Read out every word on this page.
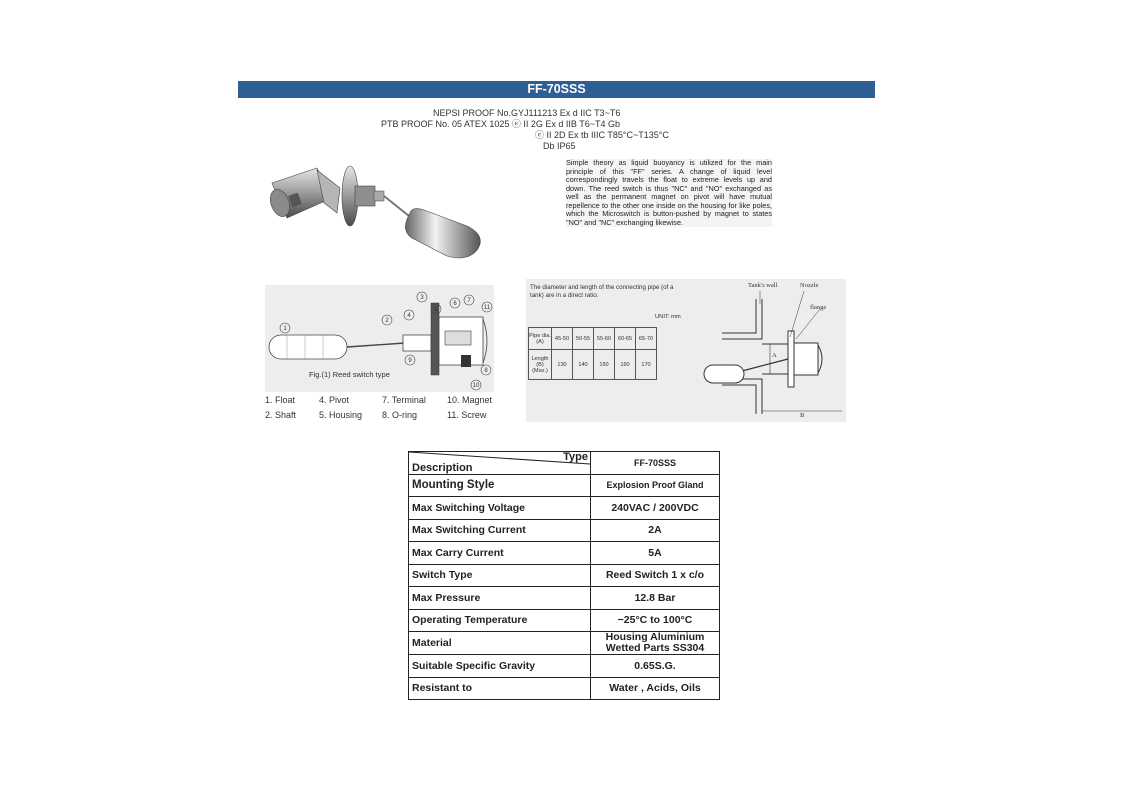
FF-70SSS
NEPSI PROOF No.GYJ111213 Ex d IIC T3~T6
PTB PROOF No. 05 ATEX 1025 ⓔ II 2G Ex d IIB T6~T4 Gb
ⓔ II 2D Ex tb IIIC T85°C~T135°C
Db IP65
Simple theory as liquid buoyancy is utilized for the main principle of this "FF" series. A change of liquid level correspondingly travels the float to extreme levels up and down. The reed switch is thus "NC" and "NO" exchanged as well as the permanent magnet on pivot will have mutual repellence to the other one inside on the housing for like poles, which the Microswitch is button-pushed by magnet to states "NO" and "NC" exchanging likewise.
1
2
3
4
5
6 7
8
9
10
11
Fig.(1) Reed switch type
1. Float	4. Pivot	7. Terminal 10. Magnet
2. Shaft	5. Housing 8. O-ring	11. Screw
The diameter and length of the connecting pipe (of a tank) are in a direct ratio.
UNIT: mm
Pipe dia. (A)	45-50	50-55	55-60	60-65	65-70
Length (B) (Max.)	130	140	150	160	170
Tank's wall	Nozzle
flange
A
B
Type
Description	FF-70SSS
Mounting Style	Explosion Proof Gland
Max Switching Voltage	240VAC / 200VDC
Max Switching Current	2A
Max Carry Current	5A
Switch Type	Reed Switch 1 x c/o
Max Pressure	12.8 Bar
Operating Temperature	−25°C to 100°C
Material	Housing Aluminium
Wetted Parts SS304

Suitable Specific Gravity	0.65S.G.
Resistant to	Water , Acids, Oils
